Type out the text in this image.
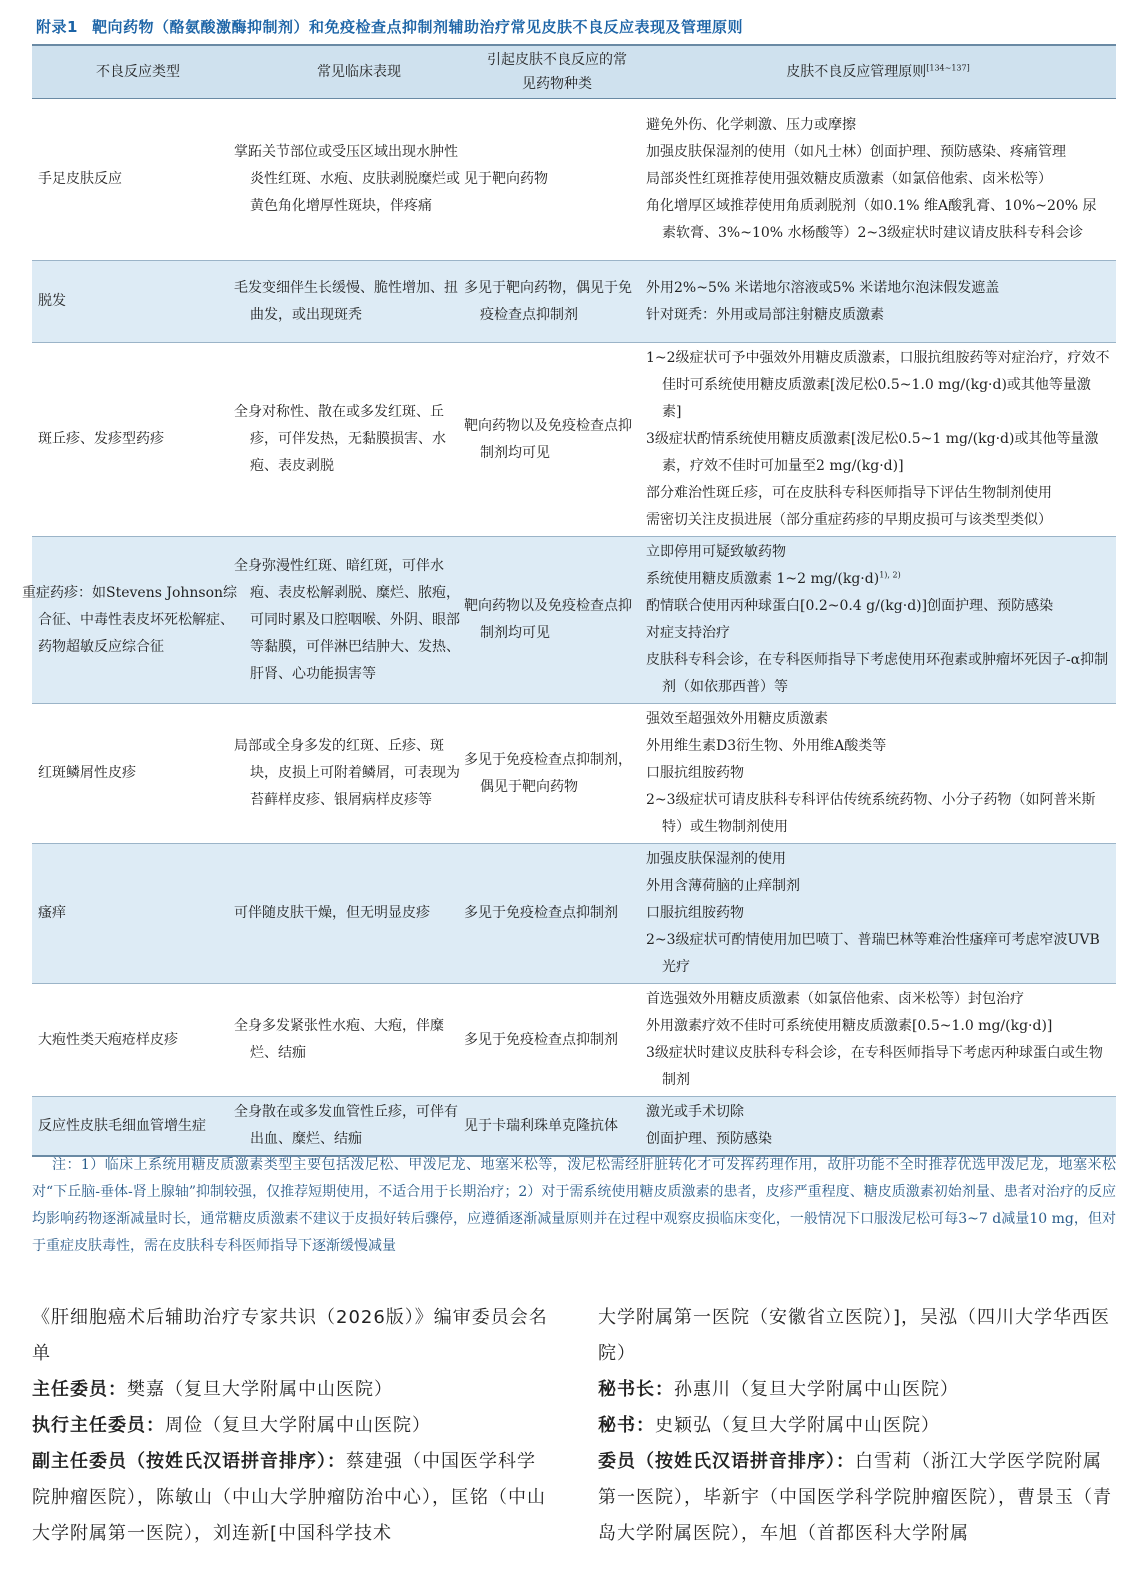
附录1 靶向药物（酪氨酸激酶抑制剂）和免疫检查点抑制剂辅助治疗常见皮肤不良反应表现及管理原则
不良反应类型	常见临床表现	引起皮肤不良反应的常见药物种类	皮肤不良反应管理原则[134~137]
手足皮肤反应	掌跖关节部位或受压区域出现水肿性炎性红斑、水疱、皮肤剥脱糜烂或黄色角化增厚性斑块，伴疼痛	见于靶向药物	避免外伤、化学刺激、压力或摩擦
加强皮肤保湿剂的使用（如凡士林）创面护理、预防感染、疼痛管理
局部炎性红斑推荐使用强效糖皮质激素（如氯倍他索、卤米松等）
角化增厚区域推荐使用角质剥脱剂（如0.1% 维A酸乳膏、10%~20% 尿素软膏、3%~10% 水杨酸等）2~3级症状时建议请皮肤科专科会诊

脱发	毛发变细伴生长缓慢、脆性增加、扭曲发，或出现斑秃	多见于靶向药物，偶见于免疫检查点抑制剂	外用2%~5% 米诺地尔溶液或5% 米诺地尔泡沫假发遮盖
针对斑秃：外用或局部注射糖皮质激素

斑丘疹、发疹型药疹	全身对称性、散在或多发红斑、丘疹，可伴发热，无黏膜损害、水疱、表皮剥脱	靶向药物以及免疫检查点抑制剂均可见	1~2级症状可予中强效外用糖皮质激素，口服抗组胺药等对症治疗，疗效不佳时可系统使用糖皮质激素[泼尼松0.5~1.0 mg/(kg·d)或其他等量激素]
3级症状酌情系统使用糖皮质激素[泼尼松0.5~1 mg/(kg·d)或其他等量激素，疗效不佳时可加量至2 mg/(kg·d)]
部分难治性斑丘疹，可在皮肤科专科医师指导下评估生物制剂使用
需密切关注皮损进展（部分重症药疹的早期皮损可与该类型类似）

重症药疹：如Stevens Johnson综合征、中毒性表皮坏死松解症、药物超敏反应综合征	全身弥漫性红斑、暗红斑，可伴水疱、表皮松解剥脱、糜烂、脓疱，可同时累及口腔咽喉、外阴、眼部等黏膜，可伴淋巴结肿大、发热、肝肾、心功能损害等	靶向药物以及免疫检查点抑制剂均可见	立即停用可疑致敏药物
系统使用糖皮质激素 1~2 $mg/(kg\cdot d)^{1), 2)}$
酌情联合使用丙种球蛋白[0.2~0.4 g/(kg·d)]创面护理、预防感染
对症支持治疗
皮肤科专科会诊，在专科医师指导下考虑使用环孢素或肿瘤坏死因子-α抑制剂（如依那西普）等

红斑鳞屑性皮疹	局部或全身多发的红斑、丘疹、斑块，皮损上可附着鳞屑，可表现为苔藓样皮疹、银屑病样皮疹等	多见于免疫检查点抑制剂，偶见于靶向药物	强效至超强效外用糖皮质激素
外用维生素D3衍生物、外用维A酸类等
口服抗组胺药物
2~3级症状可请皮肤科专科评估传统系统药物、小分子药物（如阿普米斯特）或生物制剂使用

瘙痒	可伴随皮肤干燥，但无明显皮疹	多见于免疫检查点抑制剂	加强皮肤保湿剂的使用
外用含薄荷脑的止痒制剂
口服抗组胺药物
2~3级症状可酌情使用加巴喷丁、普瑞巴林等难治性瘙痒可考虑窄波UVB光疗

大疱性类天疱疮样皮疹	全身多发紧张性水疱、大疱，伴糜烂、结痂	多见于免疫检查点抑制剂	首选强效外用糖皮质激素（如氯倍他索、卤米松等）封包治疗
外用激素疗效不佳时可系统使用糖皮质激素[0.5~1.0 mg/(kg·d)]
3级症状时建议皮肤科专科会诊，在专科医师指导下考虑丙种球蛋白或生物制剂

反应性皮肤毛细血管增生症	全身散在或多发血管性丘疹，可伴有出血、糜烂、结痂	见于卡瑞利珠单克隆抗体	激光或手术切除
创面护理、预防感染
注：1）临床上系统用糖皮质激素类型主要包括泼尼松、甲泼尼龙、地塞米松等，泼尼松需经肝脏转化才可发挥药理作用，故肝功能不全时推荐优选甲泼尼龙，地塞米松对“下丘脑-垂体-肾上腺轴”抑制较强，仅推荐短期使用，不适合用于长期治疗；2）对于需系统使用糖皮质激素的患者，皮疹严重程度、糖皮质激素初始剂量、患者对治疗的反应均影响药物逐渐减量时长，通常糖皮质激素不建议于皮损好转后骤停，应遵循逐渐减量原则并在过程中观察皮损临床变化，一般情况下口服泼尼松可每3~7 d减量10 mg，但对于重症皮肤毒性，需在皮肤科专科医师指导下逐渐缓慢减量
《肝细胞癌术后辅助治疗专家共识（2026版）》编审委员会名单
主任委员：樊嘉（复旦大学附属中山医院）
执行主任委员：周俭（复旦大学附属中山医院）
副主任委员（按姓氏汉语拼音排序）：蔡建强（中国医学科学院肿瘤医院），陈敏山（中山大学肿瘤防治中心），匡铭（中山大学附属第一医院），刘连新[中国科学技术
大学附属第一医院（安徽省立医院）]，吴泓（四川大学华西医院）
秘书长：孙惠川（复旦大学附属中山医院）
秘书：史颖弘（复旦大学附属中山医院）
委员（按姓氏汉语拼音排序）：白雪莉（浙江大学医学院附属第一医院），毕新宇（中国医学科学院肿瘤医院），曹景玉（青岛大学附属医院），车旭（首都医科大学附属
